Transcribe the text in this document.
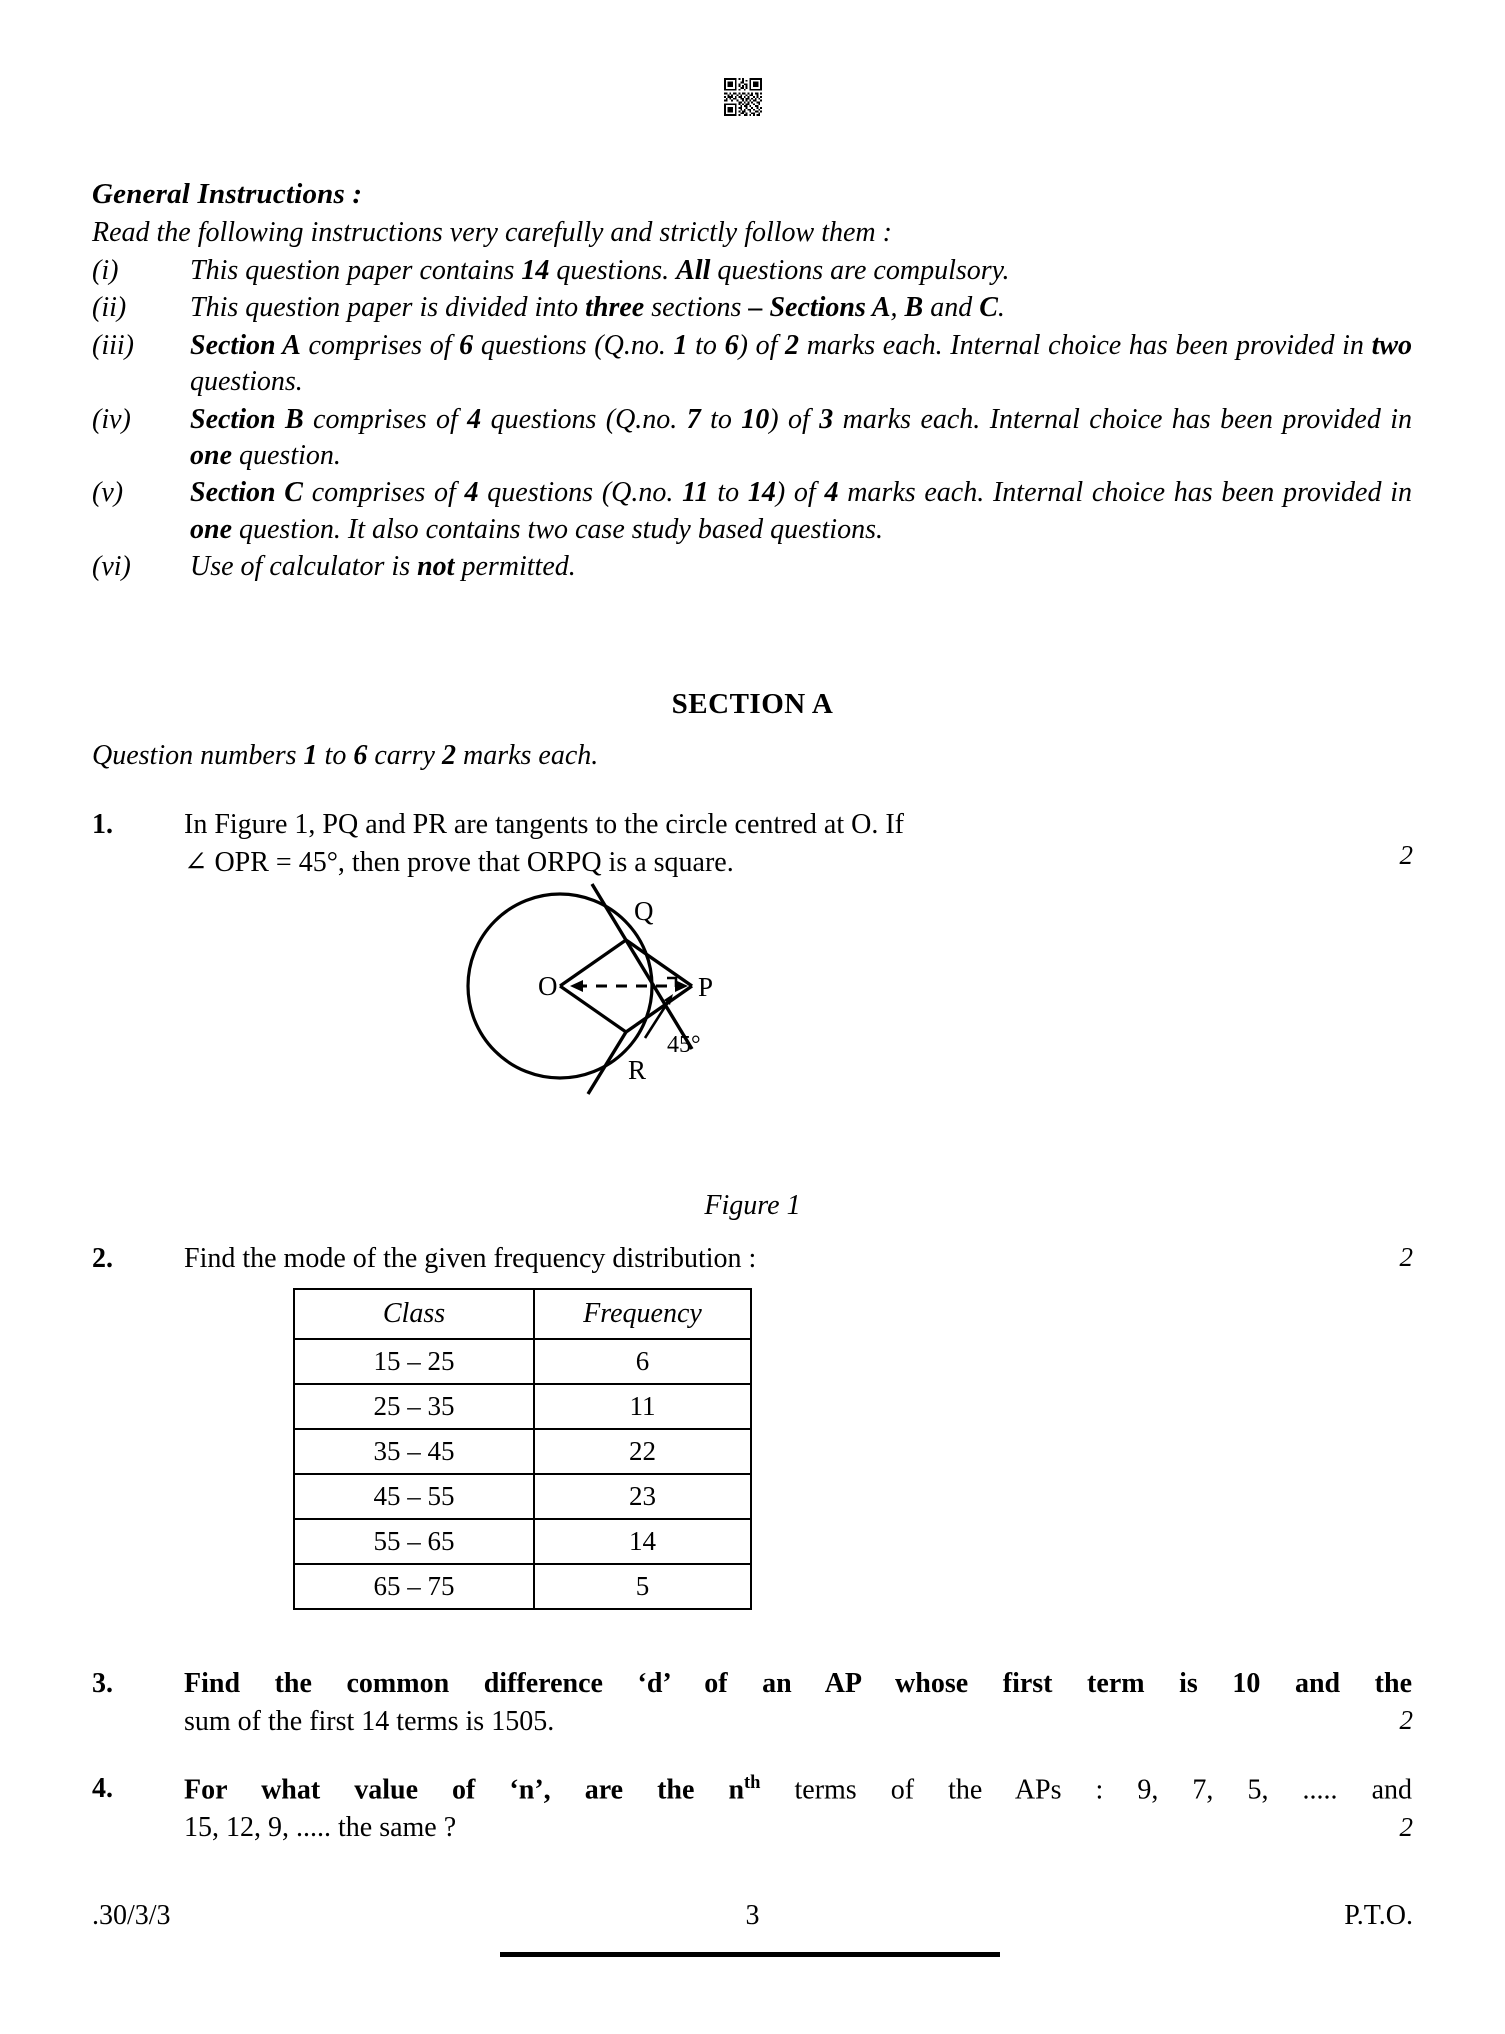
General Instructions :
Read the following instructions very carefully and strictly follow them :
(i)	This question paper contains 14 questions. All questions are compulsory.
(ii)	This question paper is divided into three sections – Sections A, B and C.
(iii)	Section A comprises of 6 questions (Q.no. 1 to 6) of 2 marks each. Internal choice has been provided in two questions.
(iv)	Section B comprises of 4 questions (Q.no. 7 to 10) of 3 marks each. Internal choice has been provided in one question.
(v)	Section C comprises of 4 questions (Q.no. 11 to 14) of 4 marks each. Internal choice has been provided in one question. It also contains two case study based questions.
(vi)	Use of calculator is not permitted.
SECTION A
Question numbers 1 to 6 carry 2 marks each.
1.	In Figure 1, PQ and PR are tangents to the circle centred at O. If
∠ OPR = 45°, then prove that ORPQ is a square.	2
O	P
Q
R
45°
Figure 1
2.	Find the mode of the given frequency distribution :	2
Class	Frequency
15 – 25	6
25 – 35	11
35 – 45	22
45 – 55	23
55 – 65	14
65 – 75	5
3.	Find the common difference ‘d’ of an AP whose first term is 10 and the
sum of the first 14 terms is 1505.	2
4.	For what value of ‘n’, are the $n^{th}$ terms of the APs : 9, 7, 5, ..... and
15, 12, 9, ..... the same ?	2
.30/3/3	3	P.T.O.
